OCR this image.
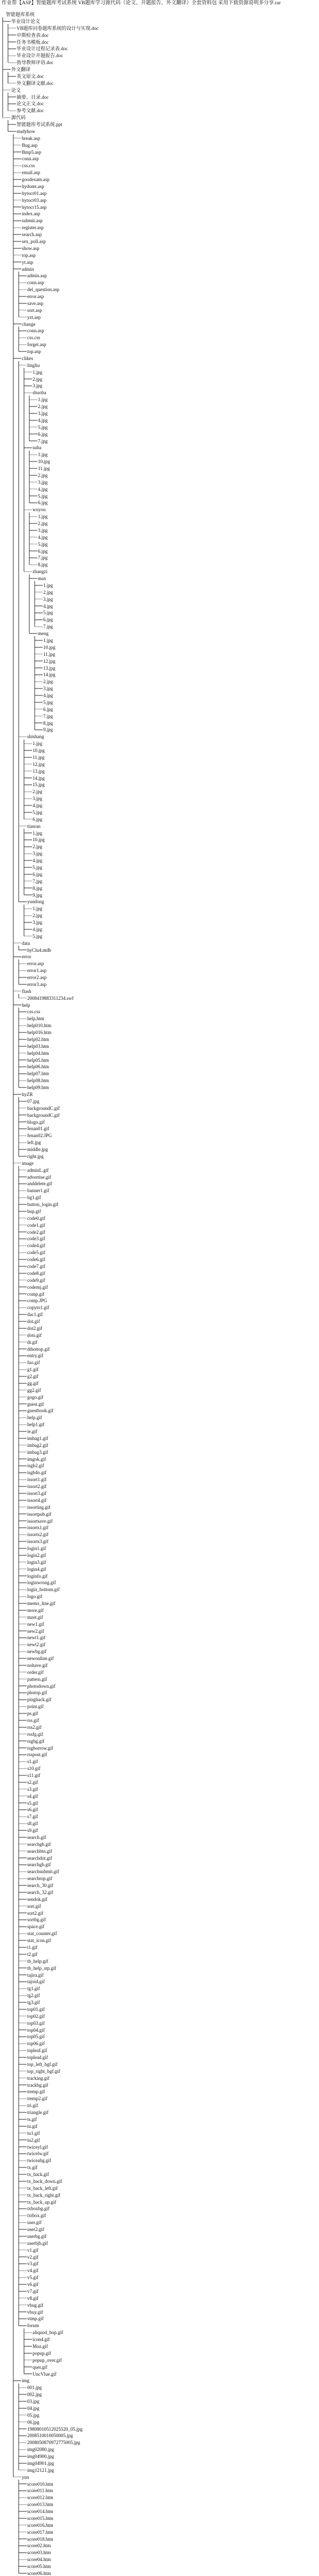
作业帮【ASP】智能题库考试系统 VB题库学习源代码（论文、开题报告、外文翻译）全套资料包 采用下载资源说明多分享.rar
智能题库系统
毕业设计论文
VB题库问卷题库系统的设计与实现.doc
中期检查表.doc
任务书模板.doc
毕业设计过程记录表.doc
毕业设计开题报告.doc
指导教师评语.doc
外文翻译
英文原文.doc
外文翻译文献.doc
论文
摘要、目录.doc
论文正文.doc
参考文献.doc
源代码
智能题库考试系统.ppt
studyhow
break.asp
Bug.asp
Bmp5.asp
conn.asp
css.css
email.asp
goodexam.asp
hydomt.asp
hytocr01.asp
hytocr03.asp
hytocr15.asp
index.asp
submit.asp
register.asp
search.asp
sex_poll.asp
show.asp
top.asp
yt.asp
admin
admin.asp
conn.asp
del_question.asp
error.asp
save.asp
sort.asp
yzt.asp
change
conn.asp
css.css
forget.asp
top.asp
clikes
lingliu
1.jpg
2.jpg
3.jpg
shuoba
1.jpg
2.jpg
3.jpg
4.jpg
5.jpg
6.jpg
7.jpg
suba
1.jpg
10.jpg
11.jpg
2.jpg
3.jpg
4.jpg
5.jpg
6.jpg
wuyou
1.jpg
2.jpg
3.jpg
4.jpg
5.jpg
6.jpg
7.jpg
8.jpg
zhangzi
max
1.jpg
2.jpg
3.jpg
4.jpg
5.jpg
6.jpg
7.jpg
meng
1.jpg
10.jpg
11.jpg
12.jpg
13.jpg
14.jpg
2.jpg
3.jpg
4.jpg
5.jpg
6.jpg
7.jpg
8.jpg
9.jpg
shishang
1.jpg
10.jpg
11.jpg
12.jpg
13.jpg
14.jpg
15.jpg
2.jpg
3.jpg
4.jpg
5.jpg
6.jpg
tianran
1.jpg
10.jpg
2.jpg
3.jpg
4.jpg
5.jpg
6.jpg
7.jpg
8.jpg
9.jpg
yundong
1.jpg
2.jpg
3.jpg
4.jpg
5.jpg
data
hyClu4.mdb
error
error.asp
error1.asp
error2.asp
error3.asp
flash
2008419883311234.swf
help
css.css
help.htm
help010.htm
help016.htm
help02.htm
help03.htm
help04.htm
help05.htm
help06.htm
help07.htm
help08.htm
help09.htm
hyZR
07.jpg
backgroundC.gif
backgroundC.gif
blogo.gif
fenan01.gif
fenan02.JPG
left.jpg
middle.jpg
right.jpg
image
adminL.gif
advertise.gif
anddelete.gif
banner1.gif
bg1.gif
button_login.gif
bup.gif
code0.gif
code1.gif
code2.gif
code3.gif
code4.gif
code5.gif
code6.gif
code7.gif
code8.gif
code9.gif
codemj.gif
comp.gif
comp.JPG
copyto1.gif
dac1.gif
dot.gif
dot2.gif
dots.gif
dr.gif
dthottop.gif
entry.gif
fao.gif
g1.gif
g2.gif
gg.gif
gg2.gif
gogo.gif
guest.gif
guestbook.gif
help.gif
help1.gif
ie.gif
imbag1.gif
imbag2.gif
imbag3.gif
imgok.gif
isgb2.gif
isgb4o.gif
issort1.gif
issort2.gif
issort3.gif
issort4.gif
issorting.gif
issortpub.gif
issortsave.gif
issorts1.gif
issorts2.gif
issorts3.gif
login1.gif
login2.gif
login3.gif
login4.gif
loginfo.gif
loginwrong.gif
login_bottom.gif
logo.gif
memo_line.gif
more.gif
mzet.gif
new1.gif
new2.gif
newt1.gif
newt2.gif
newbg.gif
newonline.gif
nohave.gif
order.gif
pattern.gif
photodown.gif
photop.gif
pingback.gif
point.gif
ps.gif
rss.gif
rss2.gif
rssfg.gif
rsgbg.gif
rsgborrow.gif
rsspost.gif
s1.gif
s10.gif
s11.gif
s2.gif
s3.gif
s4.gif
s5.gif
s6.gif
s7.gif
s8.gif
s9.gif
search.gif
searchgb.gif
searchbtn.gif
searchdot.gif
searchgb.gif
searchsubmit.gif
searchtop.gif
search_30.gif
search_32.gif
sendok.gif
sort.gif
sort2.gif
sortbg.gif
space.gif
stat_counter.gif
stat_icon.gif
t1.gif
t2.gif
tb_help.gif
tb_help_stp.gif
tajira.gif
tajoid.gif
tg1.gif
tg2.gif
tg3.gif
top01.gif
top02.gif
top03.gif
top04.gif
top05.gif
top06.gif
topleaf.gif
toplead.gif
top_left_bgf.gif
top_right_bgf.gif
tracking.gif
trackbg.gif
tremp.gif
tremp2.gif
tri.gif
triangle.gif
ts.gif
tu.gif
tu1.gif
tu2.gif
twiceyl.gif
twicelw.gif
twiceabg.gif
tx.gif
tx_back.gif
tx_back_down.gif
tx_back_left.gif
tx_back_right.gif
tx_back_up.gif
txboxbg.gif
txtbox.gif
user.gif
user2.gif
userbg.gif
userbjb.gif
v1.gif
v2.gif
v3.gif
v4.gif
v5.gif
v6.gif
v7.gif
v8.gif
vbug.gif
vbuy.gif
vtmp.gif
forum
aliquod_bop.gif
icon4.gif
Moz.gif
popup.gif
popup_over.gif
quer.gif
UncVlue.gif
img
001.jpg
002.jpg
03.jpg
04.jpg
05.jpg
06.jpg
19808010512025520_05.jpg
2008510010050005.jpg
2008050870972775005.jpg
img02080.jpg
img04900.jpg
img04901.jpg
img12121.jpg
yun
score010.htm
score011.htm
score012.htm
score013.htm
score014.htm
score015.htm
score016.htm
score017.htm
score018.htm
score02.htm
score03.htm
score04.htm
score05.htm
score06.htm
